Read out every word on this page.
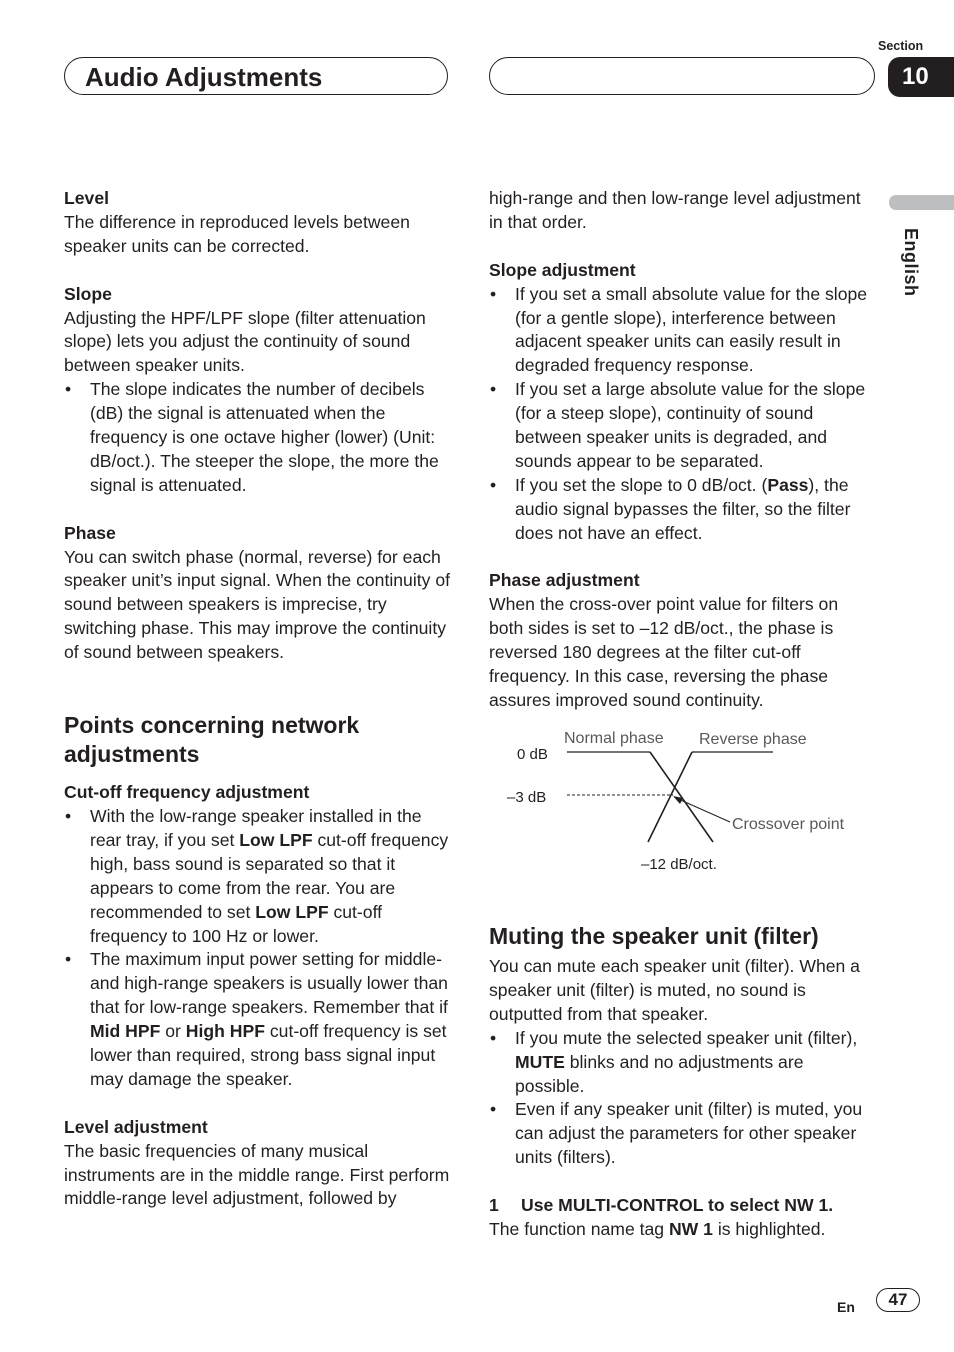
Audio Adjustments
Section
10
English
Level

The difference in reproduced levels between speaker units can be corrected.

Slope

Adjusting the HPF/LPF slope (filter attenuation slope) lets you adjust the continuity of sound between speaker units.

• The slope indicates the number of decibels (dB) the signal is attenuated when the frequency is one octave higher (lower) (Unit: dB/oct.). The steeper the slope, the more the signal is attenuated.
Phase

You can switch phase (normal, reverse) for each speaker unit’s input signal. When the continuity of sound between speakers is imprecise, try switching phase. This may improve the continuity of sound between speakers.

Points concerning network adjustments
Cut-off frequency adjustment
• With the low-range speaker installed in the rear tray, if you set Low LPF cut-off frequency high, bass sound is separated so that it appears to come from the rear. You are recommended to set Low LPF cut-off frequency to 100 Hz or lower.
• The maximum input power setting for middle- and high-range speakers is usually lower than that for low-range speakers. Remember that if Mid HPF or High HPF cut-off frequency is set lower than required, strong bass signal input may damage the speaker.
Level adjustment

The basic frequencies of many musical instruments are in the middle range. First perform middle-range level adjustment, followed by

high-range and then low-range level adjustment in that order.

Slope adjustment
• If you set a small absolute value for the slope (for a gentle slope), interference between adjacent speaker units can easily result in degraded frequency response.
• If you set a large absolute value for the slope (for a steep slope), continuity of sound between speaker units is degraded, and sounds appear to be separated.
• If you set the slope to 0 dB/oct. (Pass), the audio signal bypasses the filter, so the filter does not have an effect.
Phase adjustment

When the cross-over point value for filters on both sides is set to –12 dB/oct., the phase is reversed 180 degrees at the filter cut-off frequency. In this case, reversing the phase assures improved sound continuity.

0 dB
–3 dB
Normal phase Reverse phase
Crossover point
–12 dB/oct.
Muting the speaker unit (filter)

You can mute each speaker unit (filter). When a speaker unit (filter) is muted, no sound is outputted from that speaker.

• If you mute the selected speaker unit (filter), MUTE blinks and no adjustments are possible.
• Even if any speaker unit (filter) is muted, you can adjust the parameters for other speaker units (filters).

1 Use MULTI-CONTROL to select NW 1.

The function name tag NW 1 is highlighted.

En	47
